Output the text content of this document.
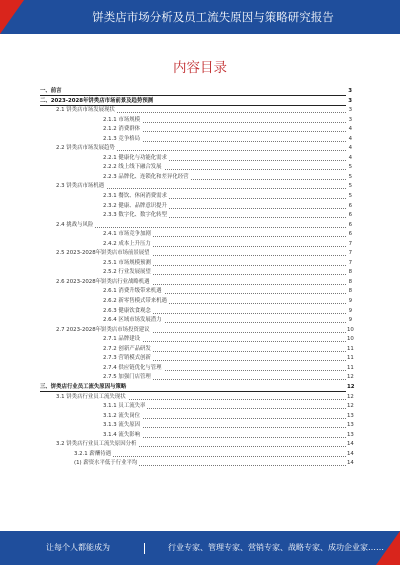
饼类店市场分析及员工流失原因与策略研究报告
内容目录
一、前言	3
二、2023-2028年饼类店市场前景及趋势预测	3
2.1 饼类店市场发展现状	3
2.1.1 市场规模	3
2.1.2 消费群体	4
2.1.3 竞争格局	4
2.2 饼类店市场发展趋势	4
2.2.1 健康化与功能化需求	4
2.2.2 线上线下融合发展	5
2.2.3 品牌化、连锁化和差异化经营	5
2.3 饼类店市场机遇	5
2.3.1 餐饮、休闲消费需求	5
2.3.2 健康、品牌意识提升	6
2.3.3 数字化、数字化转型	6
2.4 挑战与风险	6
2.4.1 市场竞争加剧	6
2.4.2 成本上升压力	7
2.5 2023-2028年饼类店市场前景展望	7
2.5.1 市场规模预测	7
2.5.2 行业发展展望	8
2.6 2023-2028年饼类店行业战略机遇	8
2.6.1 消费升级带来机遇	8
2.6.2 新零售模式带来机遇	9
2.6.3 健康饮食观念	9
2.6.4 区域市场发展潜力	9
2.7 2023-2028年饼类店市场投资建议	10
2.7.1 品牌建设	10
2.7.2 创新产品研发	11
2.7.3 营销模式创新	11
2.7.4 供应链优化与管理	11
2.7.5 加强门店管理	12
三、饼类店行业员工流失原因与策略	12
3.1 饼类店行业员工流失现状	12
3.1.1 员工流失率	12
3.1.2 流失岗位	13
3.1.3 流失原因	13
3.1.4 流失影响	13
3.2 饼类店行业员工流失原因分析	14
3.2.1 薪酬待遇	14
(1) 薪资水平低于行业平均	14
让每个人都能成为	行业专家、管理专家、营销专家、战略专家、成功企业家……
